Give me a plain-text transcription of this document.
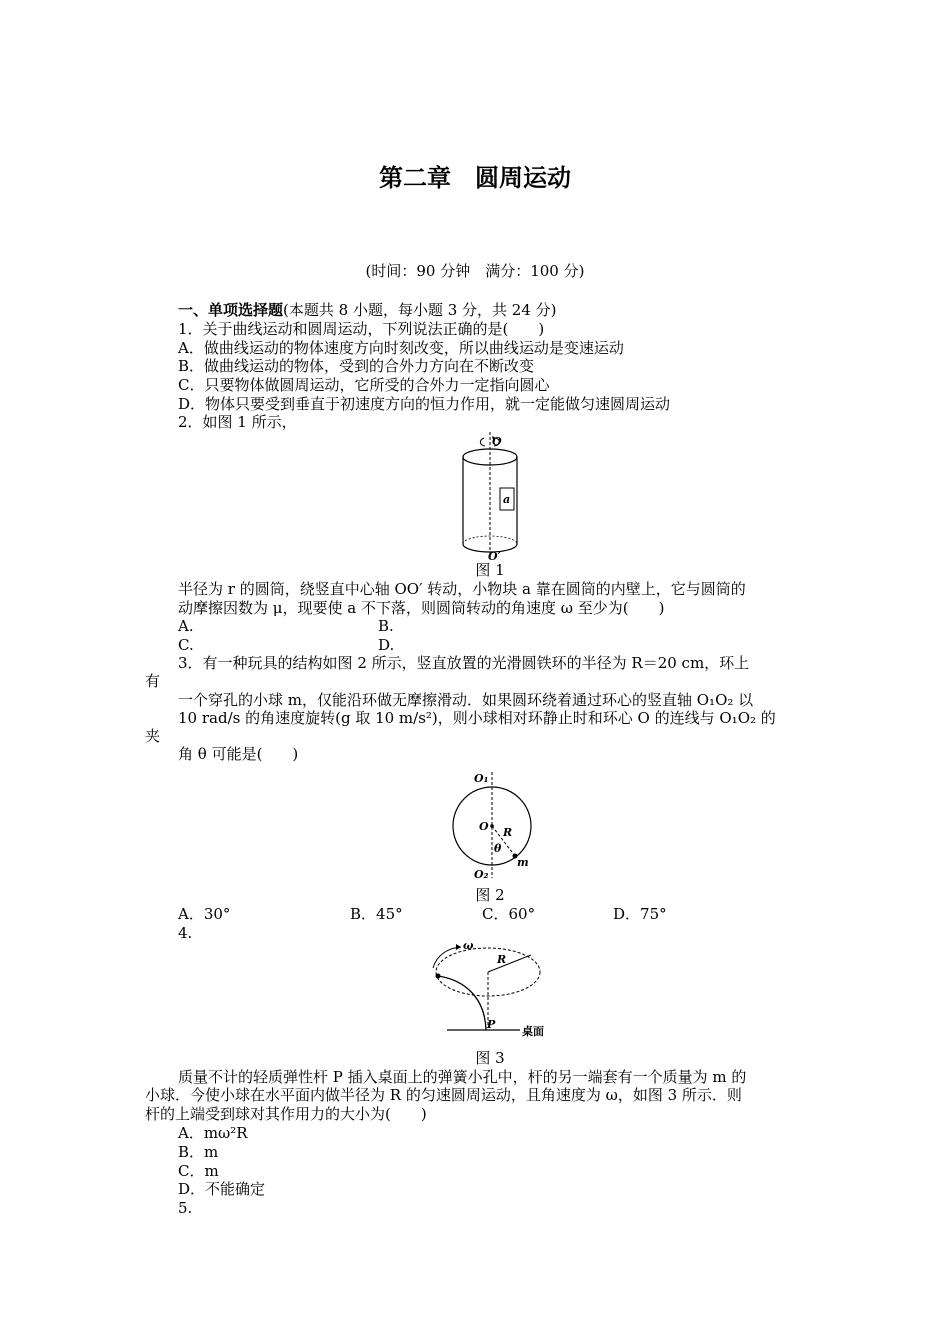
第二章　圆周运动
(时间：90 分钟　满分：100 分)
一、单项选择题(本题共 8 小题，每小题 3 分，共 24 分)
1．关于曲线运动和圆周运动，下列说法正确的是(　　)
A．做曲线运动的物体速度方向时刻改变，所以曲线运动是变速运动
B．做曲线运动的物体，受到的合外力方向在不断改变
C．只要物体做圆周运动，它所受的合外力一定指向圆心
D．物体只要受到垂直于初速度方向的恒力作用，就一定能做匀速圆周运动
2．如图 1 所示，
a
O
O′
图 1
半径为 r 的圆筒，绕竖直中心轴 OO′ 转动，小物块 a 靠在圆筒的内壁上，它与圆筒的
动摩擦因数为 μ，现要使 a 不下落，则圆筒转动的角速度 ω 至少为(　　)
A.	B.
C.	D.
3．有一种玩具的结构如图 2 所示，竖直放置的光滑圆铁环的半径为 R＝20 cm，环上
有
一个穿孔的小球 m，仅能沿环做无摩擦滑动．如果圆环绕着通过环心的竖直轴 O₁O₂ 以
10 rad/s 的角速度旋转(g 取 10 m/s²)，则小球相对环静止时和环心 O 的连线与 O₁O₂ 的
夹
角 θ 可能是(　　)
O₁
O₂
O R
θ
m
图 2
A．30°	B．45°	C．60°	D．75°
4.
ω
R
P
桌面
图 3
质量不计的轻质弹性杆 P 插入桌面上的弹簧小孔中，杆的另一端套有一个质量为 m 的
小球．今使小球在水平面内做半径为 R 的匀速圆周运动，且角速度为 ω，如图 3 所示．则
杆的上端受到球对其作用力的大小为(　　)
A．mω²R
B．m
C．m
D．不能确定
5.
